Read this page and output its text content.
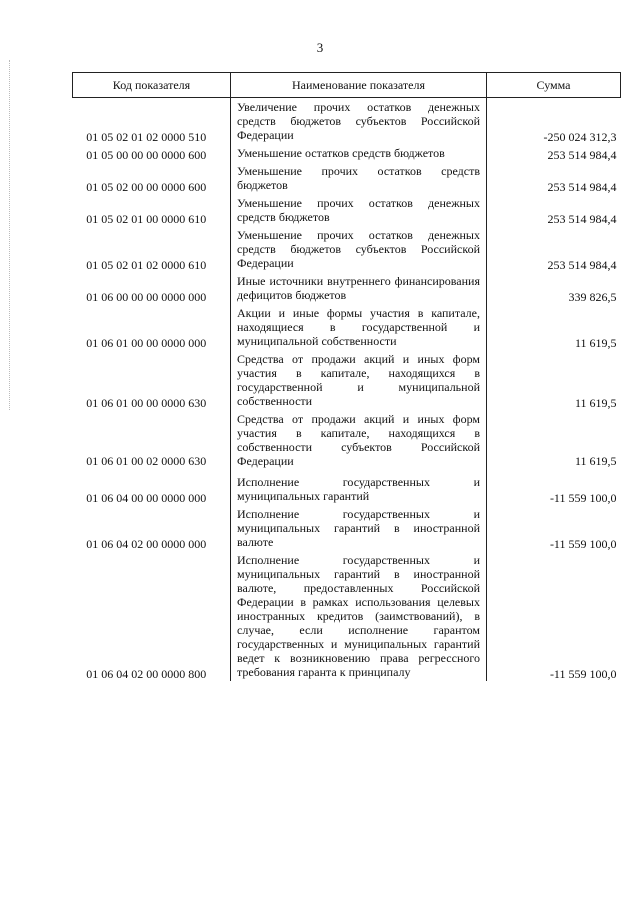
3
Код показателя	Наименование показателя	Сумма
01 05 02 01 02 0000 510	Увеличение прочих остатков денежных средств бюджетов субъектов Российской Федерации	-250 024 312,3
01 05 00 00 00 0000 600	Уменьшение остатков средств бюджетов	253 514 984,4
01 05 02 00 00 0000 600	Уменьшение прочих остатков средств бюджетов	253 514 984,4
01 05 02 01 00 0000 610	Уменьшение прочих остатков денежных средств бюджетов	253 514 984,4
01 05 02 01 02 0000 610	Уменьшение прочих остатков денежных средств бюджетов субъектов Российской Федерации	253 514 984,4
01 06 00 00 00 0000 000	Иные источники внутреннего финансирования дефицитов бюджетов	339 826,5
01 06 01 00 00 0000 000	Акции и иные формы участия в капитале, находящиеся в государственной и муниципальной собственности	11 619,5
01 06 01 00 00 0000 630	Средства от продажи акций и иных форм участия в капитале, находящихся в государственной и муниципальной собственности	11 619,5
01 06 01 00 02 0000 630	Средства от продажи акций и иных форм участия в капитале, находящихся в собственности субъектов Российской Федерации	11 619,5
01 06 04 00 00 0000 000	Исполнение государственных и муниципальных гарантий	-11 559 100,0
01 06 04 02 00 0000 000	Исполнение государственных и муниципальных гарантий в иностранной валюте	-11 559 100,0
01 06 04 02 00 0000 800	Исполнение государственных и муниципальных гарантий в иностранной валюте, предоставленных Российской Федерации в рамках использования целевых иностранных кредитов (заимствований), в случае, если исполнение гарантом государственных и муниципальных гарантий ведет к возникновению права регрессного требования гаранта к принципалу	-11 559 100,0
